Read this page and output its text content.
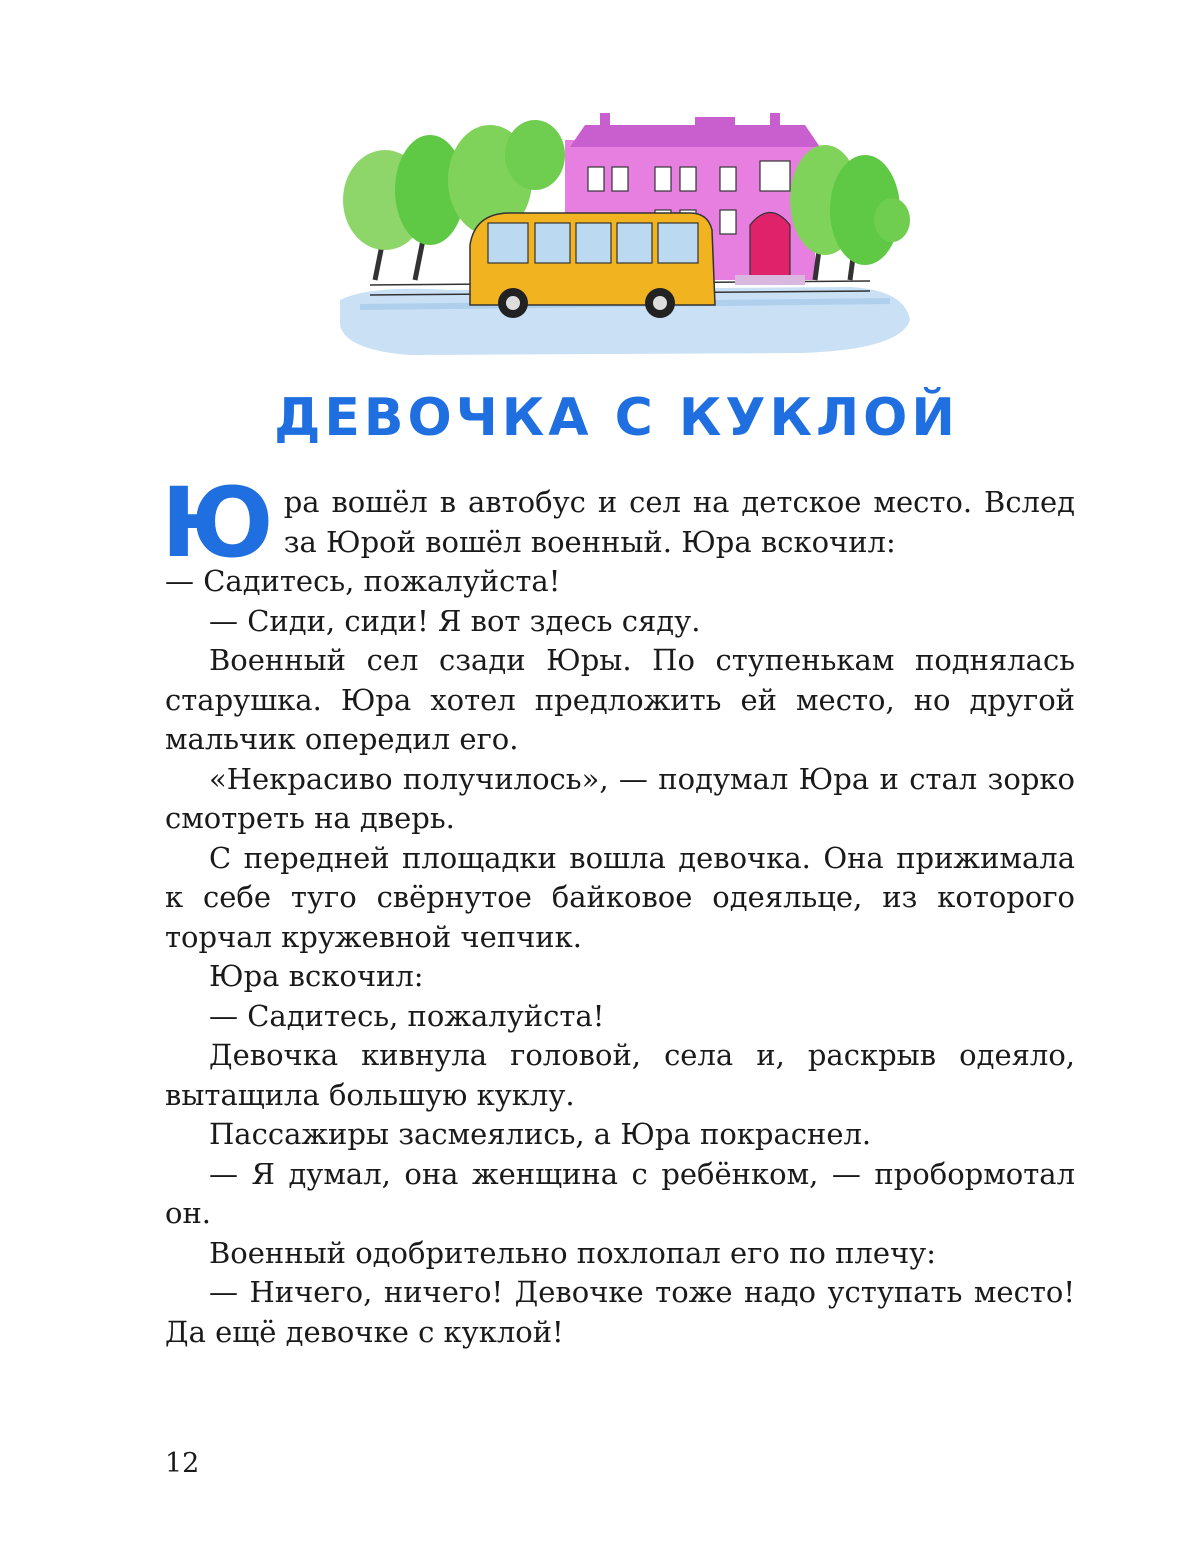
ДЕВОЧКА С КУКЛОЙ

Юра вошёл в автобус и сел на детское место. Вслед за Юрой вошёл военный. Юра вскочил:

— Садитесь, пожалуйста!

— Сиди, сиди! Я вот здесь сяду.

Военный сел сзади Юры. По ступенькам поднялась старушка. Юра хотел предложить ей место, но другой мальчик опередил его.

«Некрасиво получилось», — подумал Юра и стал зорко смотреть на дверь.

С передней площадки вошла девочка. Она прижимала к себе туго свёрнутое байковое одеяльце, из которого торчал кружевной чепчик.

Юра вскочил:

— Садитесь, пожалуйста!

Девочка кивнула головой, села и, раскрыв одеяло, вытащила большую куклу.

Пассажиры засмеялись, а Юра покраснел.

— Я думал, она женщина с ребёнком, — пробормотал он.

Военный одобрительно похлопал его по плечу:

— Ничего, ничего! Девочке тоже надо уступать место! Да ещё девочке с куклой!

12
